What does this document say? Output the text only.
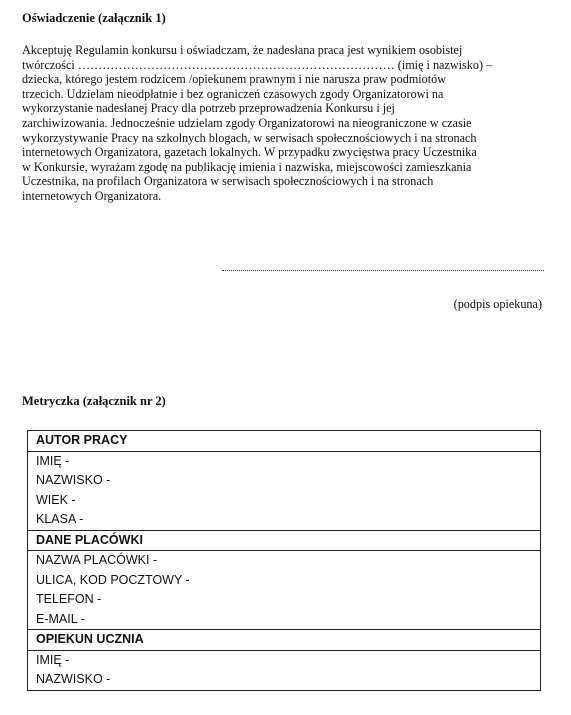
Oświadczenie (załącznik 1)
Akceptuję Regulamin konkursu i oświadczam, że nadesłana praca jest wynikiem osobistej
twórczości …………………………………………………………………… (imię i nazwisko) –
dziecka, którego jestem rodzicem /opiekunem prawnym i nie narusza praw podmiotów
trzecich. Udzielam nieodpłatnie i bez ograniczeń czasowych zgody Organizatorowi na
wykorzystanie nadesłanej Pracy dla potrzeb przeprowadzenia Konkursu i jej
zarchiwizowania. Jednocześnie udzielam zgody Organizatorowi na nieograniczone w czasie
wykorzystywanie Pracy na szkolnych blogach, w serwisach społecznościowych i na stronach
internetowych Organizatora, gazetach lokalnych. W przypadku zwycięstwa pracy Uczestnika
w Konkursie, wyrażam zgodę na publikację imienia i nazwiska, miejscowości zamieszkania
Uczestnika, na profilach Organizatora w serwisach społecznościowych i na stronach
internetowych Organizatora.
(podpis opiekuna)
Metryczka (załącznik nr 2)
AUTOR PRACY
IMIĘ -
NAZWISKO -
WIEK -
KLASA -
DANE PLACÓWKI
NAZWA PLACÓWKI -
ULICA, KOD POCZTOWY -
TELEFON -
E-MAIL -
OPIEKUN UCZNIA
IMIĘ -
NAZWISKO -
